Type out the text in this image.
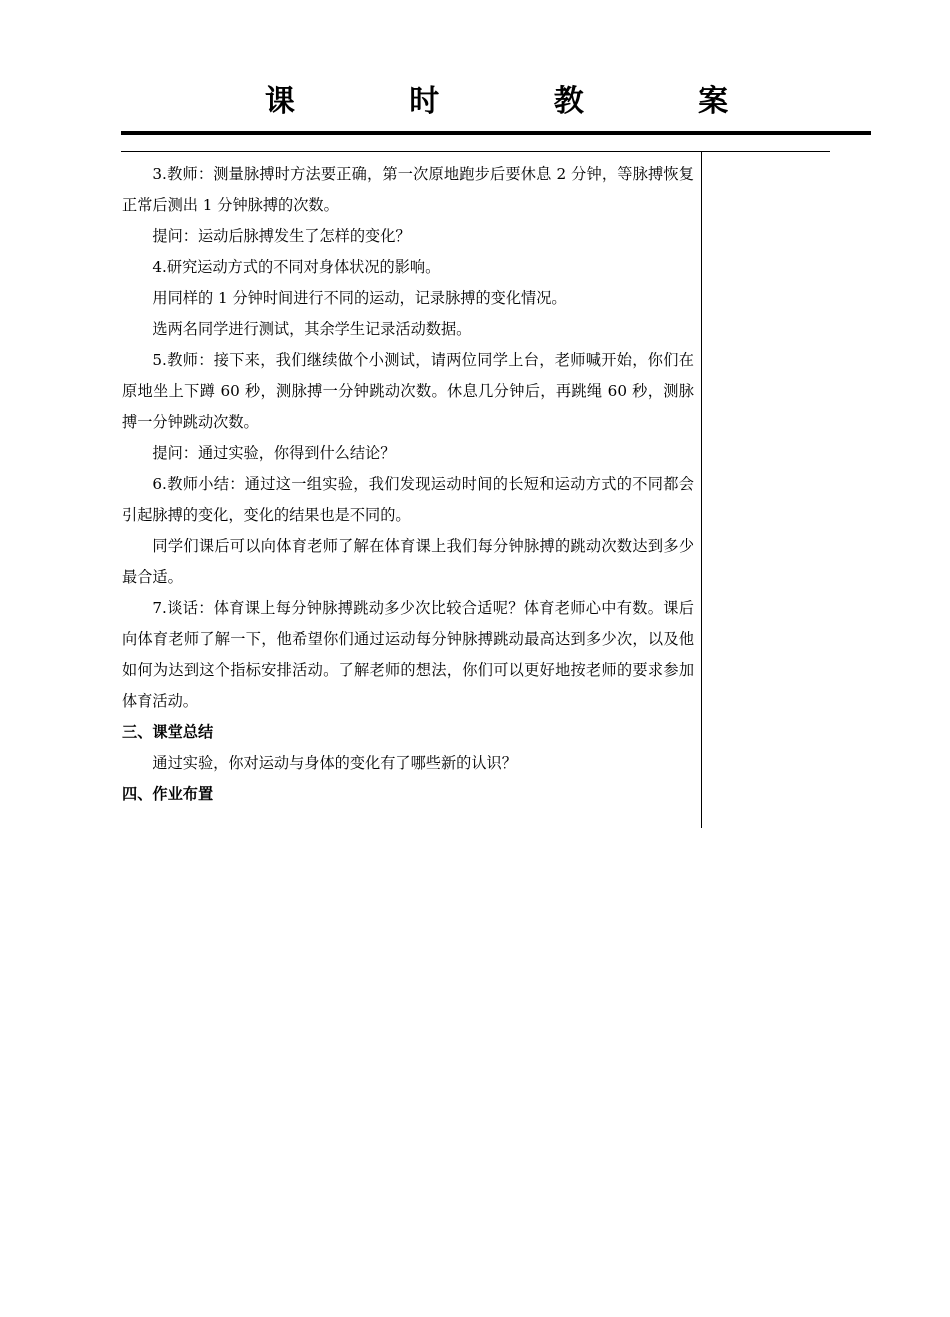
课 时 教 案

3.教师：测量脉搏时方法要正确，第一次原地跑步后要休息 2 分钟，等脉搏恢复正常后测出 1 分钟脉搏的次数。

提问：运动后脉搏发生了怎样的变化？

4.研究运动方式的不同对身体状况的影响。

用同样的 1 分钟时间进行不同的运动，记录脉搏的变化情况。

选两名同学进行测试，其余学生记录活动数据。

5.教师：接下来，我们继续做个小测试，请两位同学上台，老师喊开始，你们在原地坐上下蹲 60 秒，测脉搏一分钟跳动次数。休息几分钟后，再跳绳 60 秒，测脉搏一分钟跳动次数。

提问：通过实验，你得到什么结论？

6.教师小结：通过这一组实验，我们发现运动时间的长短和运动方式的不同都会引起脉搏的变化，变化的结果也是不同的。

同学们课后可以向体育老师了解在体育课上我们每分钟脉搏的跳动次数达到多少最合适。

7.谈话：体育课上每分钟脉搏跳动多少次比较合适呢？体育老师心中有数。课后向体育老师了解一下，他希望你们通过运动每分钟脉搏跳动最高达到多少次，以及他如何为达到这个指标安排活动。了解老师的想法，你们可以更好地按老师的要求参加体育活动。

三、课堂总结

通过实验，你对运动与身体的变化有了哪些新的认识？

四、作业布置
